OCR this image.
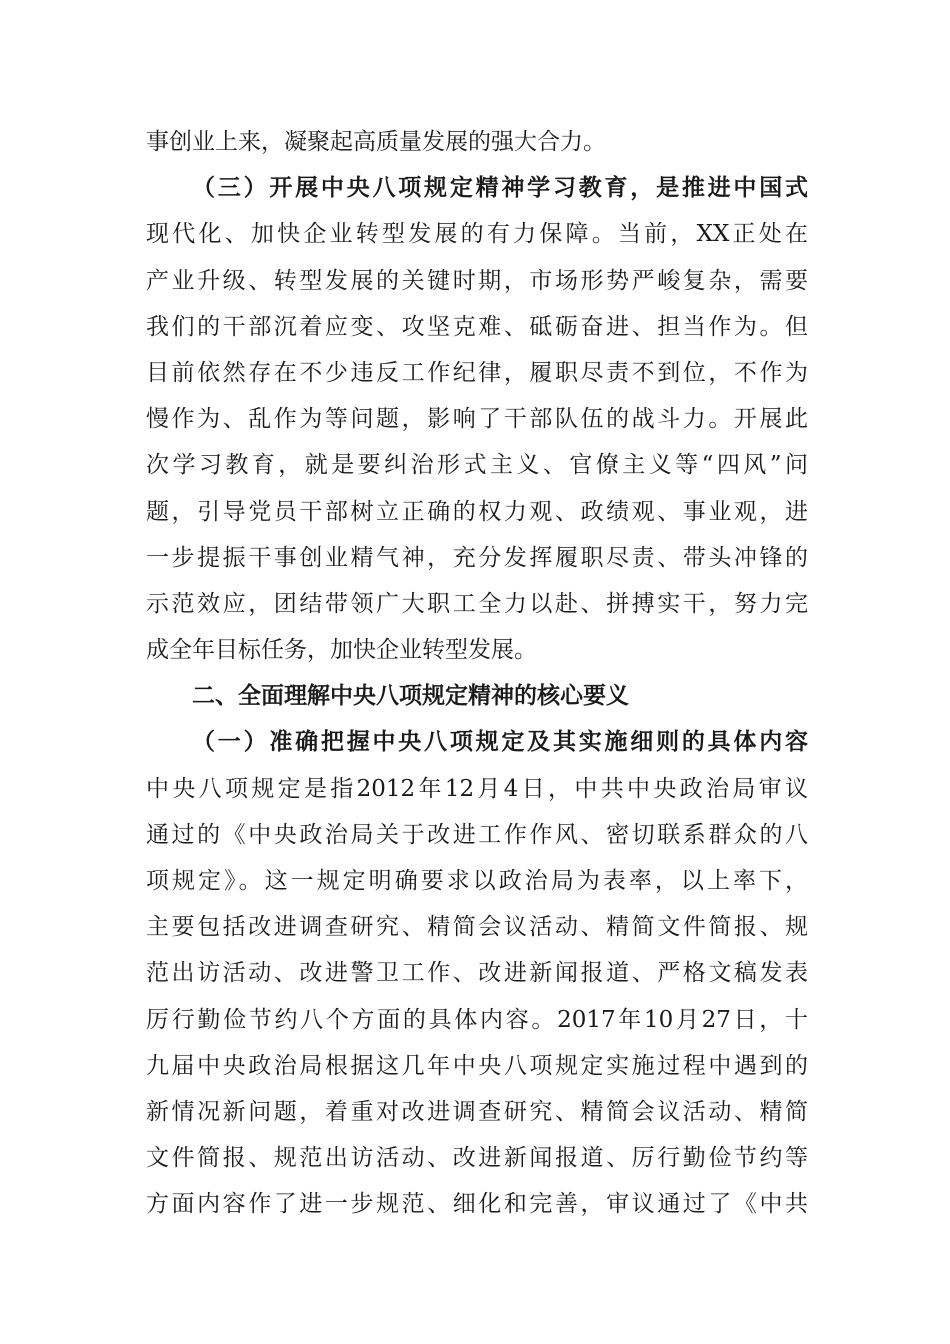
事创业上来，凝聚起高质量发展的强大合力。
（三）开展中央八项规定精神学习教育，是推进中国式
现代化、加快企业转型发展的有力保障。当前，XX正处在
产业升级、转型发展的关键时期，市场形势严峻复杂，需要
我们的干部沉着应变、攻坚克难、砥砺奋进、担当作为。但
目前依然存在不少违反工作纪律，履职尽责不到位，不作为
慢作为、乱作为等问题，影响了干部队伍的战斗力。开展此
次学习教育，就是要纠治形式主义、官僚主义等“四风”问
题，引导党员干部树立正确的权力观、政绩观、事业观，进
一步提振干事创业精气神，充分发挥履职尽责、带头冲锋的
示范效应，团结带领广大职工全力以赴、拼搏实干，努力完
成全年目标任务，加快企业转型发展。
二、全面理解中央八项规定精神的核心要义
（一）准确把握中央八项规定及其实施细则的具体内容
中央八项规定是指2012年12月4日，中共中央政治局审议
通过的《中央政治局关于改进工作作风、密切联系群众的八
项规定》。这一规定明确要求以政治局为表率，以上率下，
主要包括改进调查研究、精简会议活动、精简文件简报、规
范出访活动、改进警卫工作、改进新闻报道、严格文稿发表
厉行勤俭节约八个方面的具体内容。2017年10月27日，十
九届中央政治局根据这几年中央八项规定实施过程中遇到的
新情况新问题，着重对改进调查研究、精简会议活动、精简
文件简报、规范出访活动、改进新闻报道、厉行勤俭节约等
方面内容作了进一步规范、细化和完善，审议通过了《中共
